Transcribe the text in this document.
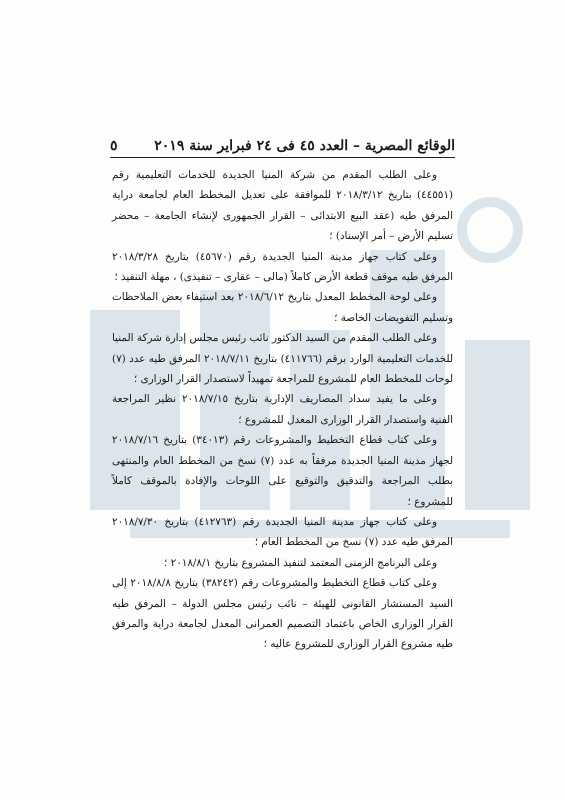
الوقائع المصرية – العدد ٤٥ فى ٢٤ فبراير سنة ٢٠١٩
٥

وعلى الطلب المقدم من شركة المنيا الجديدة للخدمات التعليمية رقم (٤٤٥٥١) بتاريخ ٢٠١٨/٣/١٢ للموافقة على تعديل المخطط العام لجامعة دراية المرفق طيه (عقد البيع الابتدائى – القرار الجمهورى لإنشاء الجامعة – محضر تسليم الأرض – أمر الإسناد) ؛

وعلى كتاب جهاز مدينة المنيا الجديدة رقم (٤٥٦٧٠) بتاريخ ٢٠١٨/٣/٢٨ المرفق طيه موقف قطعة الأرض كاملاً (مالى – عقارى – تنفيذى) ، مهلة التنفيذ ؛

وعلى لوحة المخطط المعدل بتاريخ ٢٠١٨/٦/١٢ بعد استيفاء بعض الملاحظات وتسليم التفويضات الخاصة ؛

وعلى الطلب المقدم من السيد الدكتور نائب رئيس مجلس إدارة شركة المنيا للخدمات التعليمية الوارد برقم (٤١١٧٦٦) بتاريخ ٢٠١٨/٧/١١ المرفق طيه عدد (٧) لوحات للمخطط العام للمشروع للمراجعة تمهيداً لاستصدار القرار الوزارى ؛

وعلى ما يفيد سداد المصاريف الإدارية بتاريخ ٢٠١٨/٧/١٥ نظير المراجعة الفنية واستصدار القرار الوزارى المعدل للمشروع ؛

وعلى كتاب قطاع التخطيط والمشروعات رقم (٣٤٠١٣) بتاريخ ٢٠١٨/٧/١٦ لجهاز مدينة المنيا الجديدة مرفقاً به عدد (٧) نسخ من المخطط العام والمنتهى بطلب المراجعة والتدقيق والتوقيع على اللوحات والإفادة بالموقف كاملاً للمشروع ؛

وعلى كتاب جهاز مدينة المنيا الجديدة رقم (٤١٢٧٦٣) بتاريخ ٢٠١٨/٧/٣٠ المرفق طيه عدد (٧) نسخ من المخطط العام ؛

وعلى البرنامج الزمنى المعتمد لتنفيذ المشروع بتاريخ ٢٠١٨/٨/١ ؛

وعلى كتاب قطاع التخطيط والمشروعات رقم (٣٨٢٤٢) بتاريخ ٢٠١٨/٨/٨ إلى السيد المستشار القانونى للهيئة – نائب رئيس مجلس الدولة – المرفق طيه القرار الوزارى الخاص باعتماد التصميم العمرانى المعدل لجامعة دراية والمرفق طيه مشروع القرار الوزارى للمشروع عاليه ؛
